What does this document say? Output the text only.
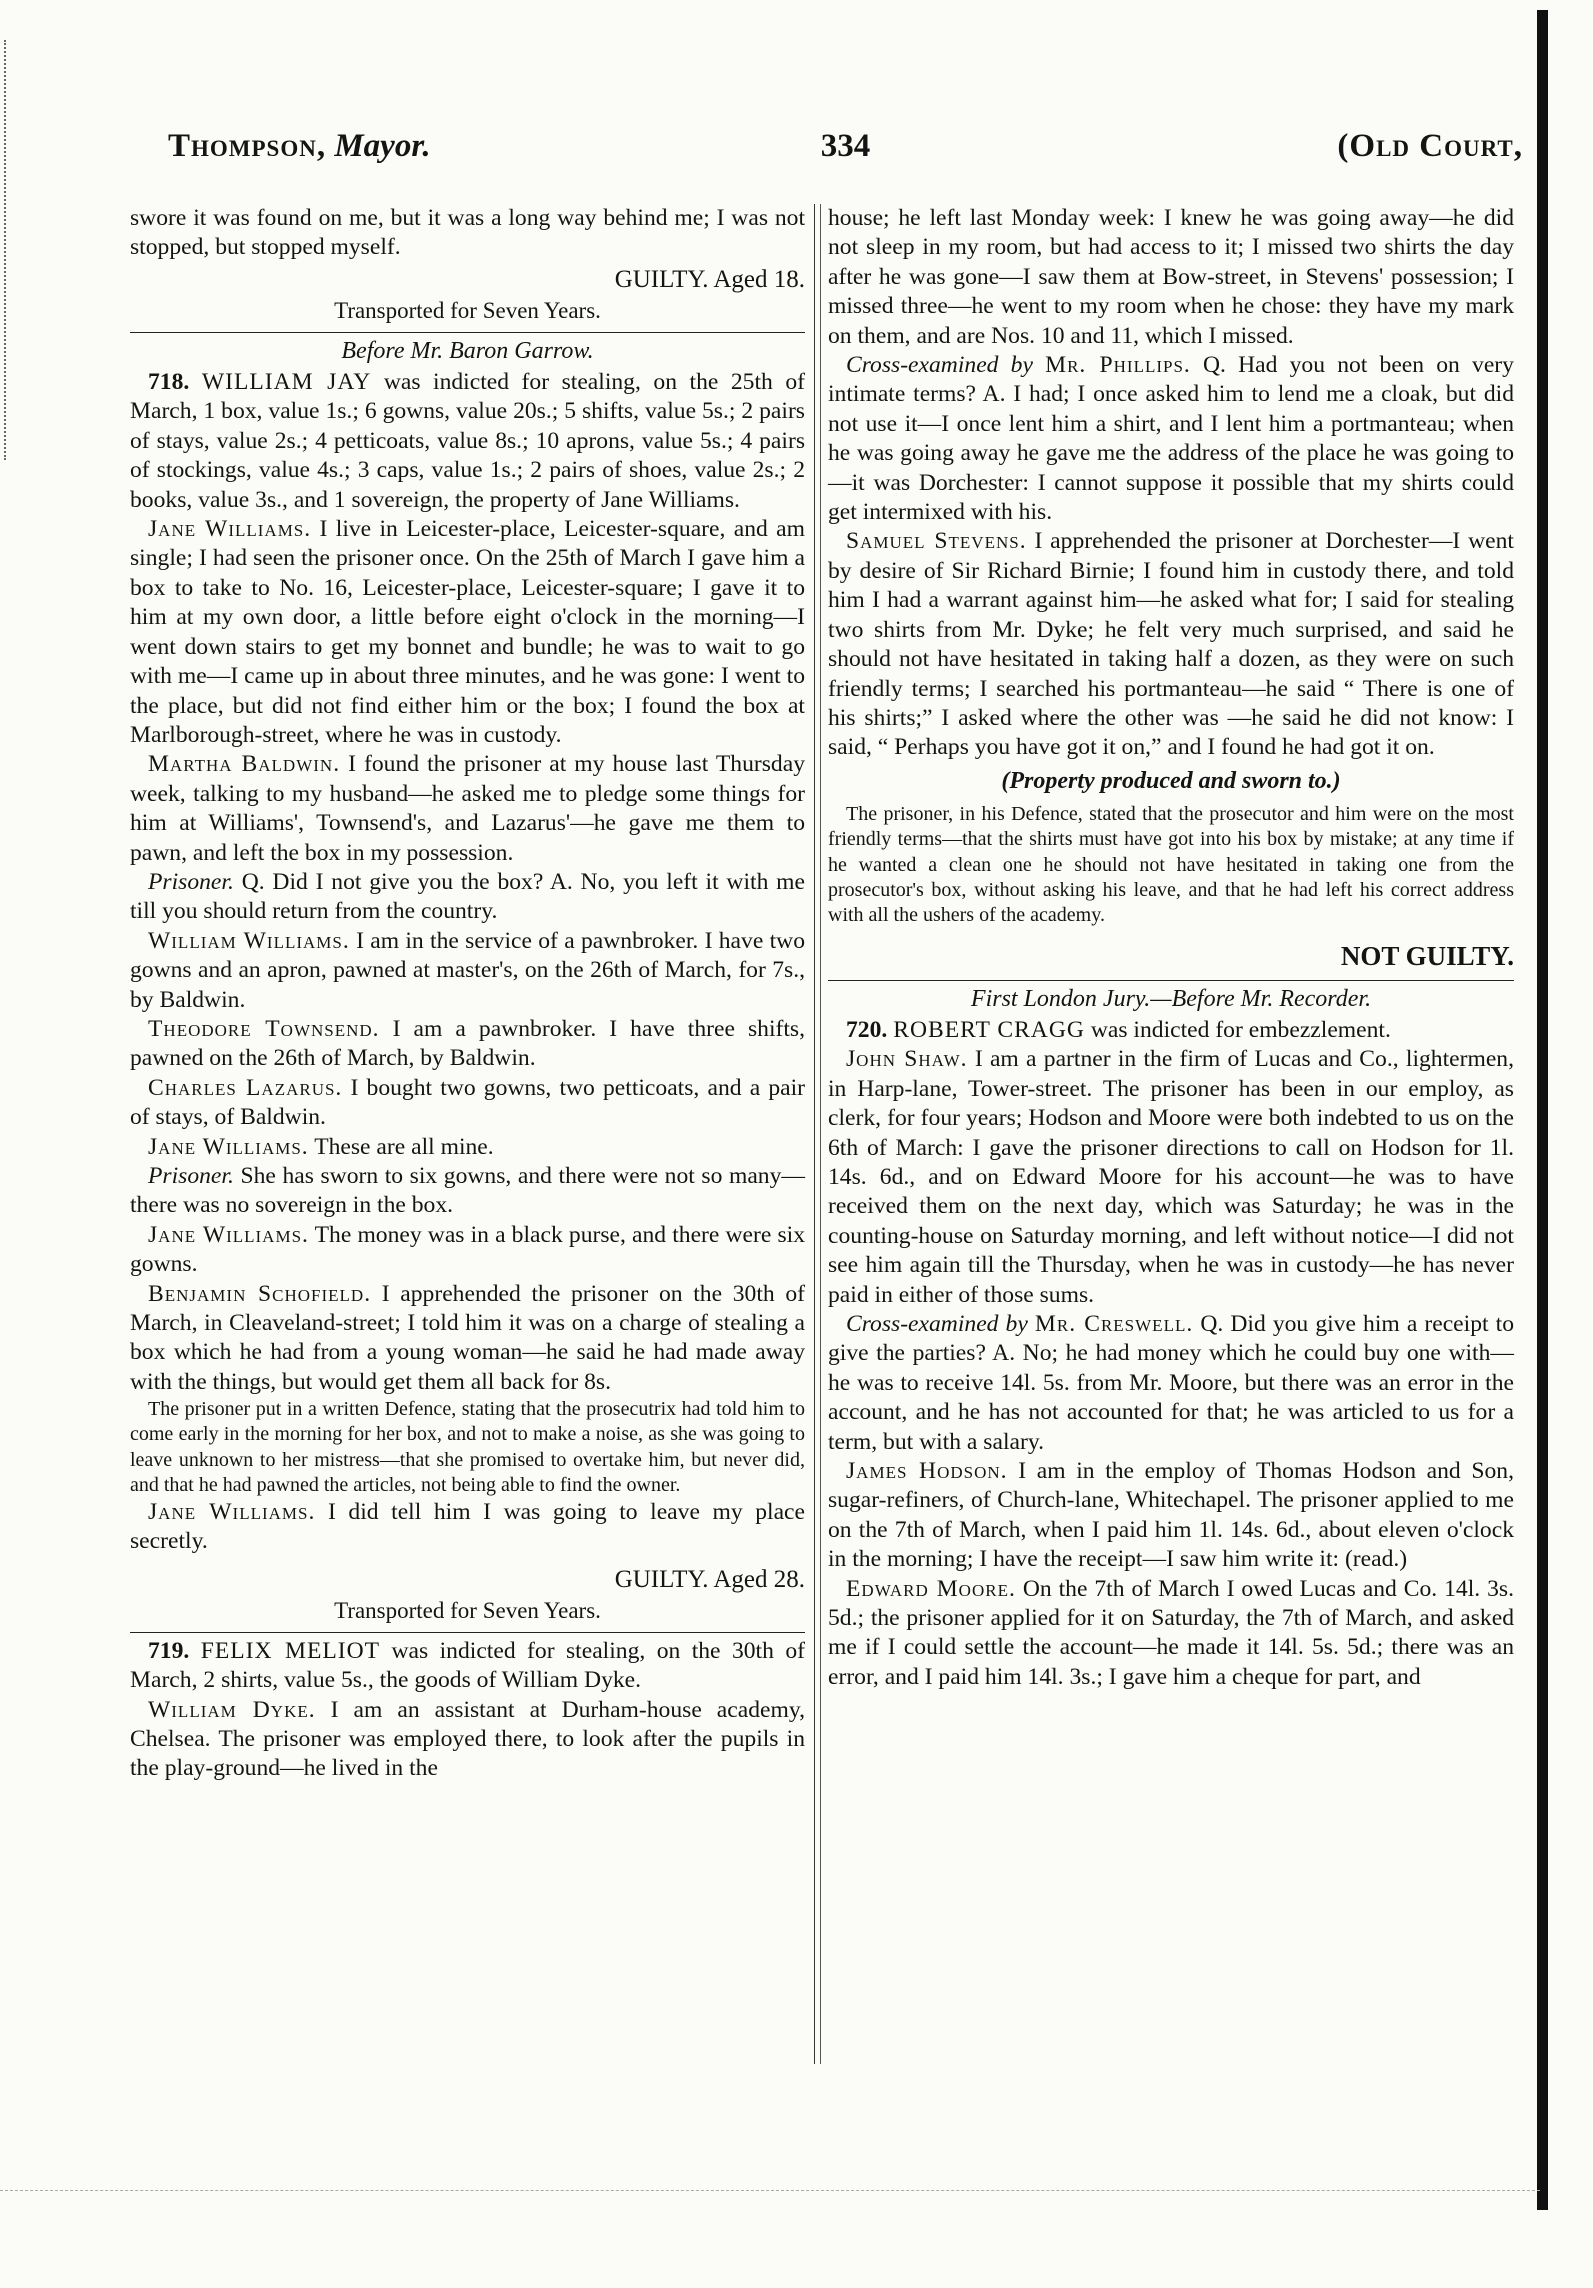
Thompson, Mayor.	334	(Old Court,

swore it was found on me, but it was a long way behind me; I was not stopped, but stopped myself.

GUILTY. Aged 18.
Transported for Seven Years.
Before Mr. Baron Garrow.

718. WILLIAM JAY was indicted for stealing, on the 25th of March, 1 box, value 1s.; 6 gowns, value 20s.; 5 shifts, value 5s.; 2 pairs of stays, value 2s.; 4 petticoats, value 8s.; 10 aprons, value 5s.; 4 pairs of stockings, value 4s.; 3 caps, value 1s.; 2 pairs of shoes, value 2s.; 2 books, value 3s., and 1 sovereign, the property of Jane Williams.

Jane Williams. I live in Leicester-place, Leicester-square, and am single; I had seen the prisoner once. On the 25th of March I gave him a box to take to No. 16, Leicester-place, Leicester-square; I gave it to him at my own door, a little before eight o'clock in the morning—I went down stairs to get my bonnet and bundle; he was to wait to go with me—I came up in about three minutes, and he was gone: I went to the place, but did not find either him or the box; I found the box at Marlborough-street, where he was in custody.

Martha Baldwin. I found the prisoner at my house last Thursday week, talking to my husband—he asked me to pledge some things for him at Williams', Townsend's, and Lazarus'—he gave me them to pawn, and left the box in my possession.

Prisoner. Q. Did I not give you the box? A. No, you left it with me till you should return from the country.

William Williams. I am in the service of a pawnbroker. I have two gowns and an apron, pawned at master's, on the 26th of March, for 7s., by Baldwin.

Theodore Townsend. I am a pawnbroker. I have three shifts, pawned on the 26th of March, by Baldwin.

Charles Lazarus. I bought two gowns, two petticoats, and a pair of stays, of Baldwin.

Jane Williams. These are all mine.

Prisoner. She has sworn to six gowns, and there were not so many—there was no sovereign in the box.

Jane Williams. The money was in a black purse, and there were six gowns.

Benjamin Schofield. I apprehended the prisoner on the 30th of March, in Cleaveland-street; I told him it was on a charge of stealing a box which he had from a young woman—he said he had made away with the things, but would get them all back for 8s.

The prisoner put in a written Defence, stating that the prosecutrix had told him to come early in the morning for her box, and not to make a noise, as she was going to leave unknown to her mistress—that she promised to overtake him, but never did, and that he had pawned the articles, not being able to find the owner.

Jane Williams. I did tell him I was going to leave my place secretly.

GUILTY. Aged 28.
Transported for Seven Years.

719. FELIX MELIOT was indicted for stealing, on the 30th of March, 2 shirts, value 5s., the goods of William Dyke.

William Dyke. I am an assistant at Durham-house academy, Chelsea. The prisoner was employed there, to look after the pupils in the play-ground—he lived in the

house; he left last Monday week: I knew he was going away—he did not sleep in my room, but had access to it; I missed two shirts the day after he was gone—I saw them at Bow-street, in Stevens' possession; I missed three—he went to my room when he chose: they have my mark on them, and are Nos. 10 and 11, which I missed.

Cross-examined by Mr. Phillips. Q. Had you not been on very intimate terms? A. I had; I once asked him to lend me a cloak, but did not use it—I once lent him a shirt, and I lent him a portmanteau; when he was going away he gave me the address of the place he was going to—it was Dorchester: I cannot suppose it possible that my shirts could get intermixed with his.

Samuel Stevens. I apprehended the prisoner at Dorchester—I went by desire of Sir Richard Birnie; I found him in custody there, and told him I had a warrant against him—he asked what for; I said for stealing two shirts from Mr. Dyke; he felt very much surprised, and said he should not have hesitated in taking half a dozen, as they were on such friendly terms; I searched his portmanteau—he said “ There is one of his shirts;” I asked where the other was —he said he did not know: I said, “ Perhaps you have got it on,” and I found he had got it on.

(Property produced and sworn to.)

The prisoner, in his Defence, stated that the prosecutor and him were on the most friendly terms—that the shirts must have got into his box by mistake; at any time if he wanted a clean one he should not have hesitated in taking one from the prosecutor's box, without asking his leave, and that he had left his correct address with all the ushers of the academy.

NOT GUILTY.
First London Jury.—Before Mr. Recorder.

720. ROBERT CRAGG was indicted for embezzlement.

John Shaw. I am a partner in the firm of Lucas and Co., lightermen, in Harp-lane, Tower-street. The prisoner has been in our employ, as clerk, for four years; Hodson and Moore were both indebted to us on the 6th of March: I gave the prisoner directions to call on Hodson for 1l. 14s. 6d., and on Edward Moore for his account—he was to have received them on the next day, which was Saturday; he was in the counting-house on Saturday morning, and left without notice—I did not see him again till the Thursday, when he was in custody—he has never paid in either of those sums.

Cross-examined by Mr. Creswell. Q. Did you give him a receipt to give the parties? A. No; he had money which he could buy one with—he was to receive 14l. 5s. from Mr. Moore, but there was an error in the account, and he has not accounted for that; he was articled to us for a term, but with a salary.

James Hodson. I am in the employ of Thomas Hodson and Son, sugar-refiners, of Church-lane, Whitechapel. The prisoner applied to me on the 7th of March, when I paid him 1l. 14s. 6d., about eleven o'clock in the morning; I have the receipt—I saw him write it: (read.)

Edward Moore. On the 7th of March I owed Lucas and Co. 14l. 3s. 5d.; the prisoner applied for it on Saturday, the 7th of March, and asked me if I could settle the account—he made it 14l. 5s. 5d.; there was an error, and I paid him 14l. 3s.; I gave him a cheque for part, and
